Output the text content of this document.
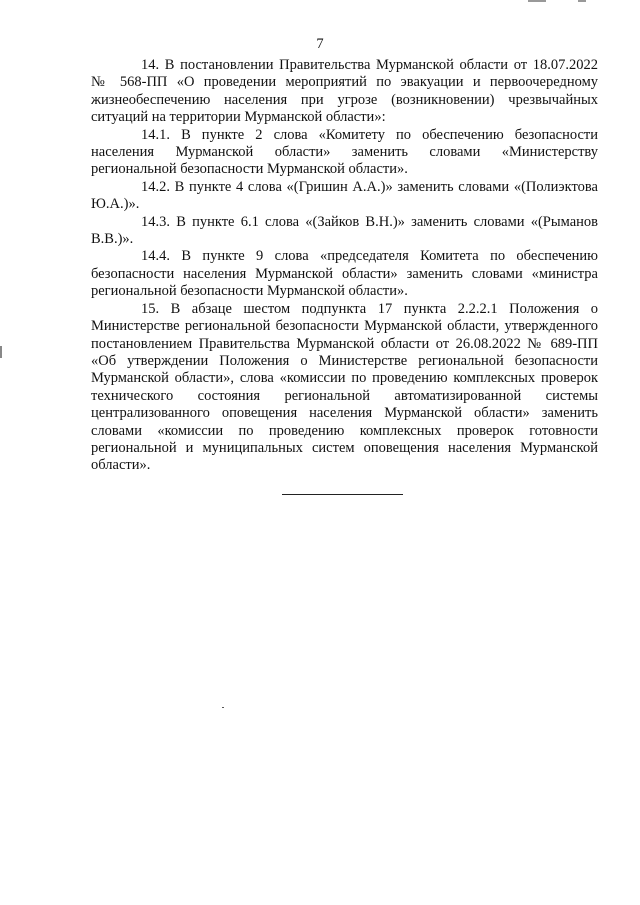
7

14. В постановлении Правительства Мурманской области от 18.07.2022 № 568-ПП «О проведении мероприятий по эвакуации и первоочередному жизнеобеспечению населения при угрозе (возникновении) чрезвычайных ситуаций на территории Мурманской области»:

14.1. В пункте 2 слова «Комитету по обеспечению безопасности населения Мурманской области» заменить словами «Министерству региональной безопасности Мурманской области».

14.2. В пункте 4 слова «(Гришин А.А.)» заменить словами «(Полиэктова Ю.А.)».

14.3. В пункте 6.1 слова «(Зайков В.Н.)» заменить словами «(Рыманов В.В.)».

14.4. В пункте 9 слова «председателя Комитета по обеспечению безопасности населения Мурманской области» заменить словами «министра региональной безопасности Мурманской области».

15. В абзаце шестом подпункта 17 пункта 2.2.2.1 Положения о Министерстве региональной безопасности Мурманской области, утвержденного постановлением Правительства Мурманской области от 26.08.2022 № 689-ПП «Об утверждении Положения о Министерстве региональной безопасности Мурманской области», слова «комиссии по проведению комплексных проверок технического состояния региональной автоматизированной системы централизованного оповещения населения Мурманской области» заменить словами «комиссии по проведению комплексных проверок готовности региональной и муниципальных систем оповещения населения Мурманской области».
